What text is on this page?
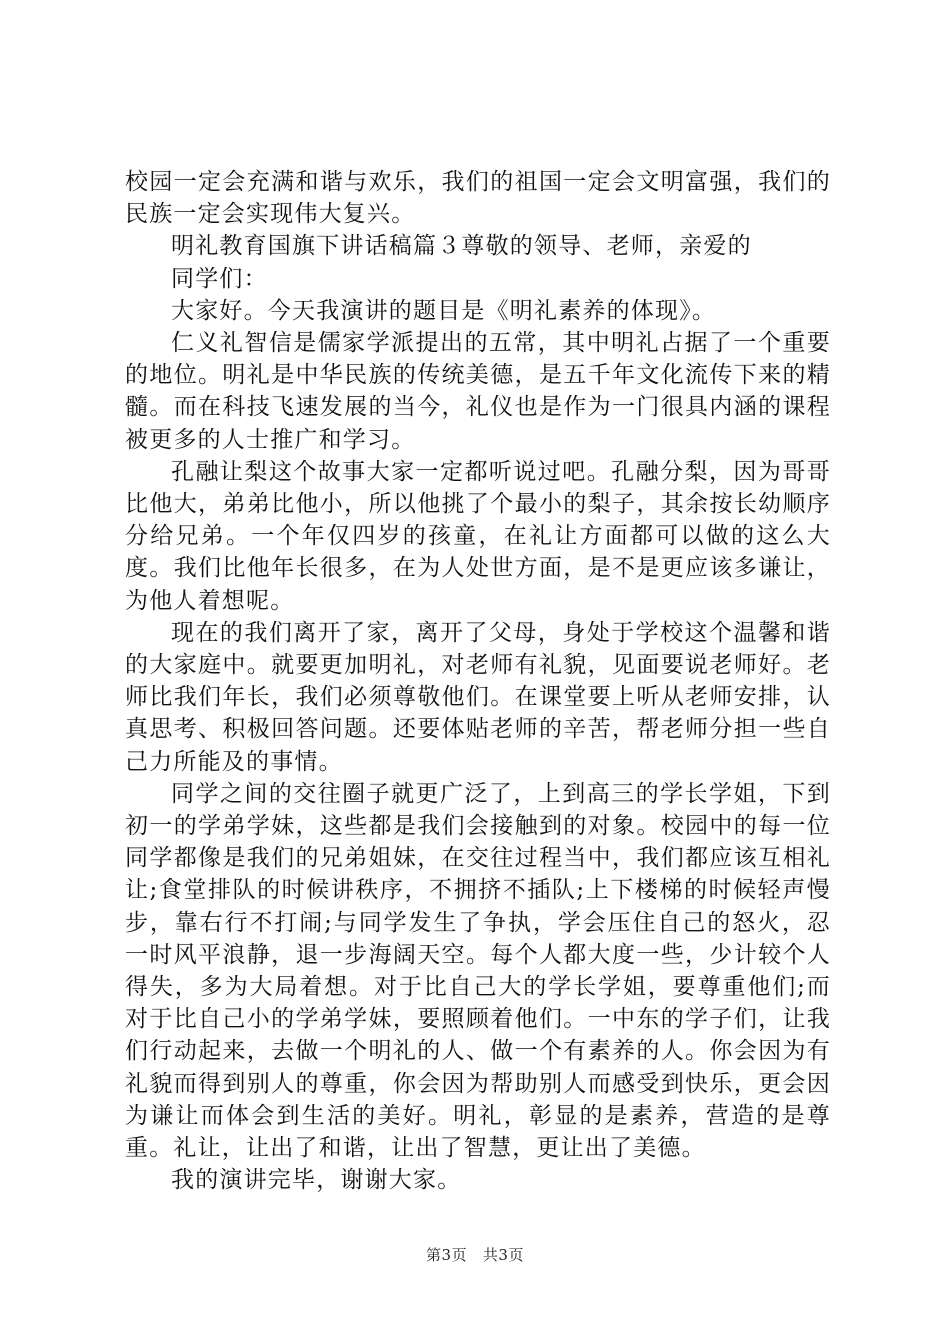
校园一定会充满和谐与欢乐，我们的祖国一定会文明富强，我们的民族一定会实现伟大复兴。

明礼教育国旗下讲话稿篇３尊敬的领导、老师，亲爱的

同学们：

大家好。今天我演讲的题目是《明礼素养的体现》。

仁义礼智信是儒家学派提出的五常，其中明礼占据了一个重要的地位。明礼是中华民族的传统美德，是五千年文化流传下来的精髓。而在科技飞速发展的当今，礼仪也是作为一门很具内涵的课程被更多的人士推广和学习。

孔融让梨这个故事大家一定都听说过吧。孔融分梨，因为哥哥比他大，弟弟比他小，所以他挑了个最小的梨子，其余按长幼顺序分给兄弟。一个年仅四岁的孩童，在礼让方面都可以做的这么大度。我们比他年长很多，在为人处世方面，是不是更应该多谦让，为他人着想呢。

现在的我们离开了家，离开了父母，身处于学校这个温馨和谐的大家庭中。就要更加明礼，对老师有礼貌，见面要说老师好。老师比我们年长，我们必须尊敬他们。在课堂要上听从老师安排，认真思考、积极回答问题。还要体贴老师的辛苦，帮老师分担一些自己力所能及的事情。

同学之间的交往圈子就更广泛了，上到高三的学长学姐，下到初一的学弟学妹，这些都是我们会接触到的对象。校园中的每一位同学都像是我们的兄弟姐妹，在交往过程当中，我们都应该互相礼让;食堂排队的时候讲秩序，不拥挤不插队;上下楼梯的时候轻声慢步，靠右行不打闹;与同学发生了争执，学会压住自己的怒火，忍一时风平浪静，退一步海阔天空。每个人都大度一些，少计较个人得失，多为大局着想。对于比自己大的学长学姐，要尊重他们;而对于比自己小的学弟学妹，要照顾着他们。一中东的学子们，让我们行动起来，去做一个明礼的人、做一个有素养的人。你会因为有礼貌而得到别人的尊重，你会因为帮助别人而感受到快乐，更会因为谦让而体会到生活的美好。明礼，彰显的是素养，营造的是尊重。礼让，让出了和谐，让出了智慧，更让出了美德。

我的演讲完毕，谢谢大家。

第3页 共3页
